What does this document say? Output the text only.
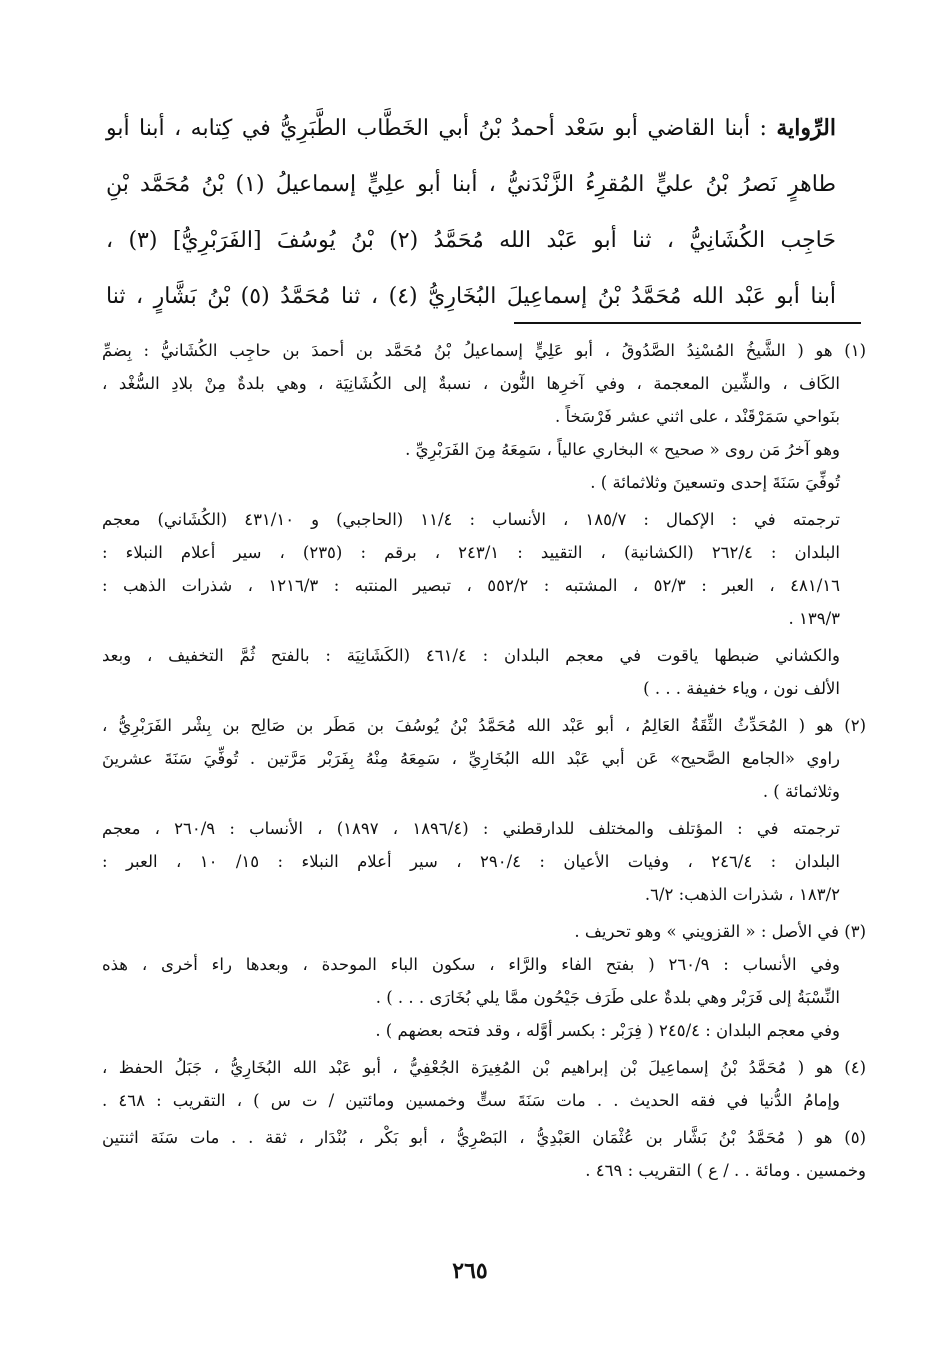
الرِّواية : أبنا القاضي أبو سَعْد أحمدُ بْنُ أبي الخَطَّاب الطَّبَرِيُّ في كِتابه ، أبنا أبو
طاهرٍ نَصرُ بْنُ عليٍّ المُقرِءُ الزَّنْدَنيُّ ، أبنا أبو علِيٍّ إسماعيلُ (١) بْنُ مُحَمَّد بْنِ
حَاجِب الكُشَانِيُّ ، ثنا أبو عَبْد الله مُحَمَّدُ (٢) بْنُ يُوسُفَ [الفَرَبْرِيُّ] (٣) ،
أبنا أبو عَبْد الله مُحَمَّدُ بْنُ إسماعِيلَ البُخَارِيُّ (٤) ، ثنا مُحَمَّدُ (٥) بْنُ بَشَّارٍ ، ثنا
(١) هو ( الشَّيخُ المُسْنِدُ الصَّدُوقُ ، أبو عَلِيٍّ إسماعيلُ بْنُ مُحَمَّد بن أحمدَ بن حاجِب الكُشَانيُّ : بِضمِّ
الكَاف ، والشِّين المعجمة ، وفي آخرِها النُّون ، نسبةٌ إلى الكُشَانِيَة ، وهي بلدةٌ مِنْ بلادِ السُّغْد ،
بنَواحي سَمَرْقَنْد ، على اثني عشر فَرْسَخاً .
وهو آخرُ مَن روى « صحيح » البخاري عالياً ، سَمِعَهُ مِنَ الفَرَبْرِيِّ .
تُوفِّيَ سَنَةَ إحدى وتسعينَ وثلاثمائة ) .
ترجمته في : الإكمال : ١٨٥/٧ ، الأنساب : ١١/٤ (الحاجبي) و ٤٣١/١٠ (الكُشَاني) معجم
البلدان : ٢٦٢/٤ (الكشانية) ، التقييد : ٢٤٣/١ ، برقم : (٢٣٥) ، سير أعلام النبلاء :
٤٨١/١٦ ، العبر : ٥٢/٣ ، المشتبه : ٥٥٢/٢ ، تبصير المنتبه : ١٢١٦/٣ ، شذرات الذهب :
١٣٩/٣ .
والكشاني ضبطها ياقوت في معجم البلدان : ٤٦١/٤ (الكَشَانِيَة : بالفتح ثُمَّ التخفيف ، وبعد
الألف نون ، وياء خفيفة . . . )
(٢) هو ( المُحَدِّثُ الثِّقَةُ العَالِمُ ، أبو عَبْد الله مُحَمَّدُ بْنُ يُوسُفَ بن مَطَر بن صَالِح بن بِشْر الفَرَبْرِيُّ ،
راوي «الجامع الصَّحيح» عَن أبي عَبْد الله البُخَارِيِّ ، سَمِعَهُ مِنْهُ بِفَرَبْر مَرَّتين . تُوفِّيَ سَنَةَ عشرينَ
وثلاثمائة ) .
ترجمته في : المؤتلف والمختلف للدارقطني : (١٨٩٦/٤ ، ١٨٩٧) ، الأنساب : ٢٦٠/٩ ، معجم
البلدان : ٢٤٦/٤ ، وفيات الأعيان : ٢٩٠/٤ ، سير أعلام النبلاء : ١٥/ ١٠ ، العبر :
١٨٣/٢ ، شذرات الذهب: ٦/٢.
(٣) في الأصل : « القزويني » وهو تحريف .
وفي الأنساب : ٢٦٠/٩ ( بفتح الفاء والرَّاء ، سكون الباء الموحدة ، وبعدها راء أخرى ، هذه
النِّسْبَةُ إلى فَرَبْر وهي بلدةٌ على طَرَف جَيْحُون ممَّا يلي بُخَارَى . . . ) .
وفي معجم البلدان : ٢٤٥/٤ ( فِرَبْر : بكسر أوَّله ، وقد فتحه بعضهم ) .
(٤) هو ( مُحَمَّدُ بْنُ إسماعِيلَ بْن إبراهيم بْن المُغِيرَة الجُعْفِيُّ ، أبو عَبْد الله البُخَارِيُّ ، جَبَلُ الحفظ ،
وإمامُ الدُّنيا في فقه الحديث . . مات سَنَةَ ستٍّ وخمسين ومائتين / ت س ) ، التقريب : ٤٦٨ .
(٥) هو ( مُحَمَّدُ بْنُ بَشَّار بن عُثْمَان العَبْدِيُّ ، البَصْرِيُّ ، أبو بَكْر ، بُنْدَار ، ثقة . . مات سَنَة اثنتين
وخمسين . ومائة . . / ع ) التقريب : ٤٦٩ .
٢٦٥
